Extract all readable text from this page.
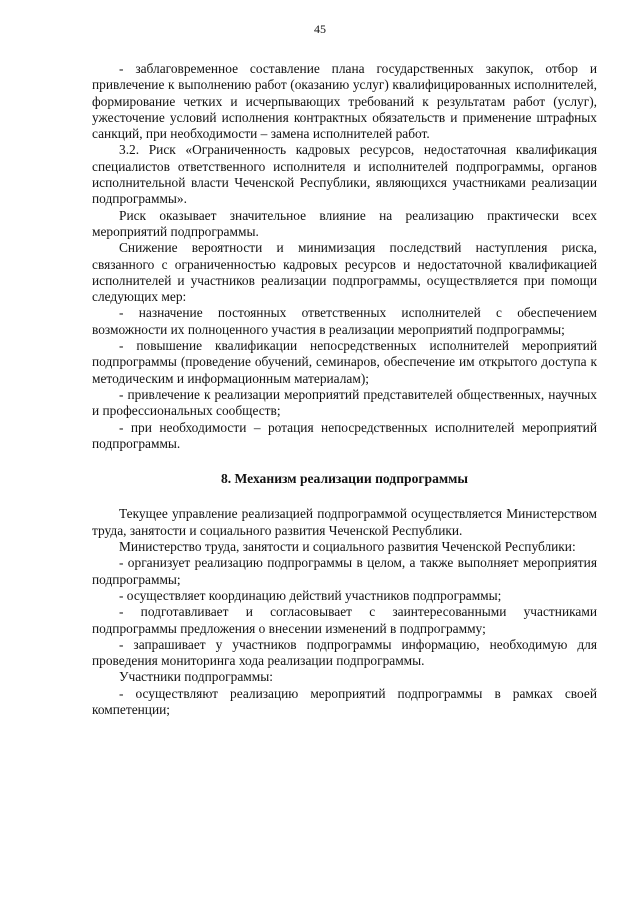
45

- заблаговременное составление плана государственных закупок, отбор и привлечение к выполнению работ (оказанию услуг) квалифицированных исполнителей, формирование четких и исчерпывающих требований к результатам работ (услуг), ужесточение условий исполнения контрактных обязательств и применение штрафных санкций, при необходимости – замена исполнителей работ.

3.2. Риск «Ограниченность кадровых ресурсов, недостаточная квалификация специалистов ответственного исполнителя и исполнителей подпрограммы, органов исполнительной власти Чеченской Республики, являющихся участниками реализации подпрограммы».

Риск оказывает значительное влияние на реализацию практически всех мероприятий подпрограммы.

Снижение вероятности и минимизация последствий наступления риска, связанного с ограниченностью кадровых ресурсов и недостаточной квалификацией исполнителей и участников реализации подпрограммы, осуществляется при помощи следующих мер:

- назначение постоянных ответственных исполнителей с обеспечением возможности их полноценного участия в реализации мероприятий подпрограммы;

- повышение квалификации непосредственных исполнителей мероприятий подпрограммы (проведение обучений, семинаров, обеспечение им открытого доступа к методическим и информационным материалам);

- привлечение к реализации мероприятий представителей общественных, научных и профессиональных сообществ;

- при необходимости – ротация непосредственных исполнителей мероприятий подпрограммы.

8. Механизм реализации подпрограммы

Текущее управление реализацией подпрограммой осуществляется Министерством труда, занятости и социального развития Чеченской Республики.

Министерство труда, занятости и социального развития Чеченской Республики:

- организует реализацию подпрограммы в целом, а также выполняет мероприятия подпрограммы;

- осуществляет координацию действий участников подпрограммы;

- подготавливает и согласовывает с заинтересованными участниками подпрограммы предложения о внесении изменений в подпрограмму;

- запрашивает у участников подпрограммы информацию, необходимую для проведения мониторинга хода реализации подпрограммы.

Участники подпрограммы:

- осуществляют реализацию мероприятий подпрограммы в рамках своей компетенции;
